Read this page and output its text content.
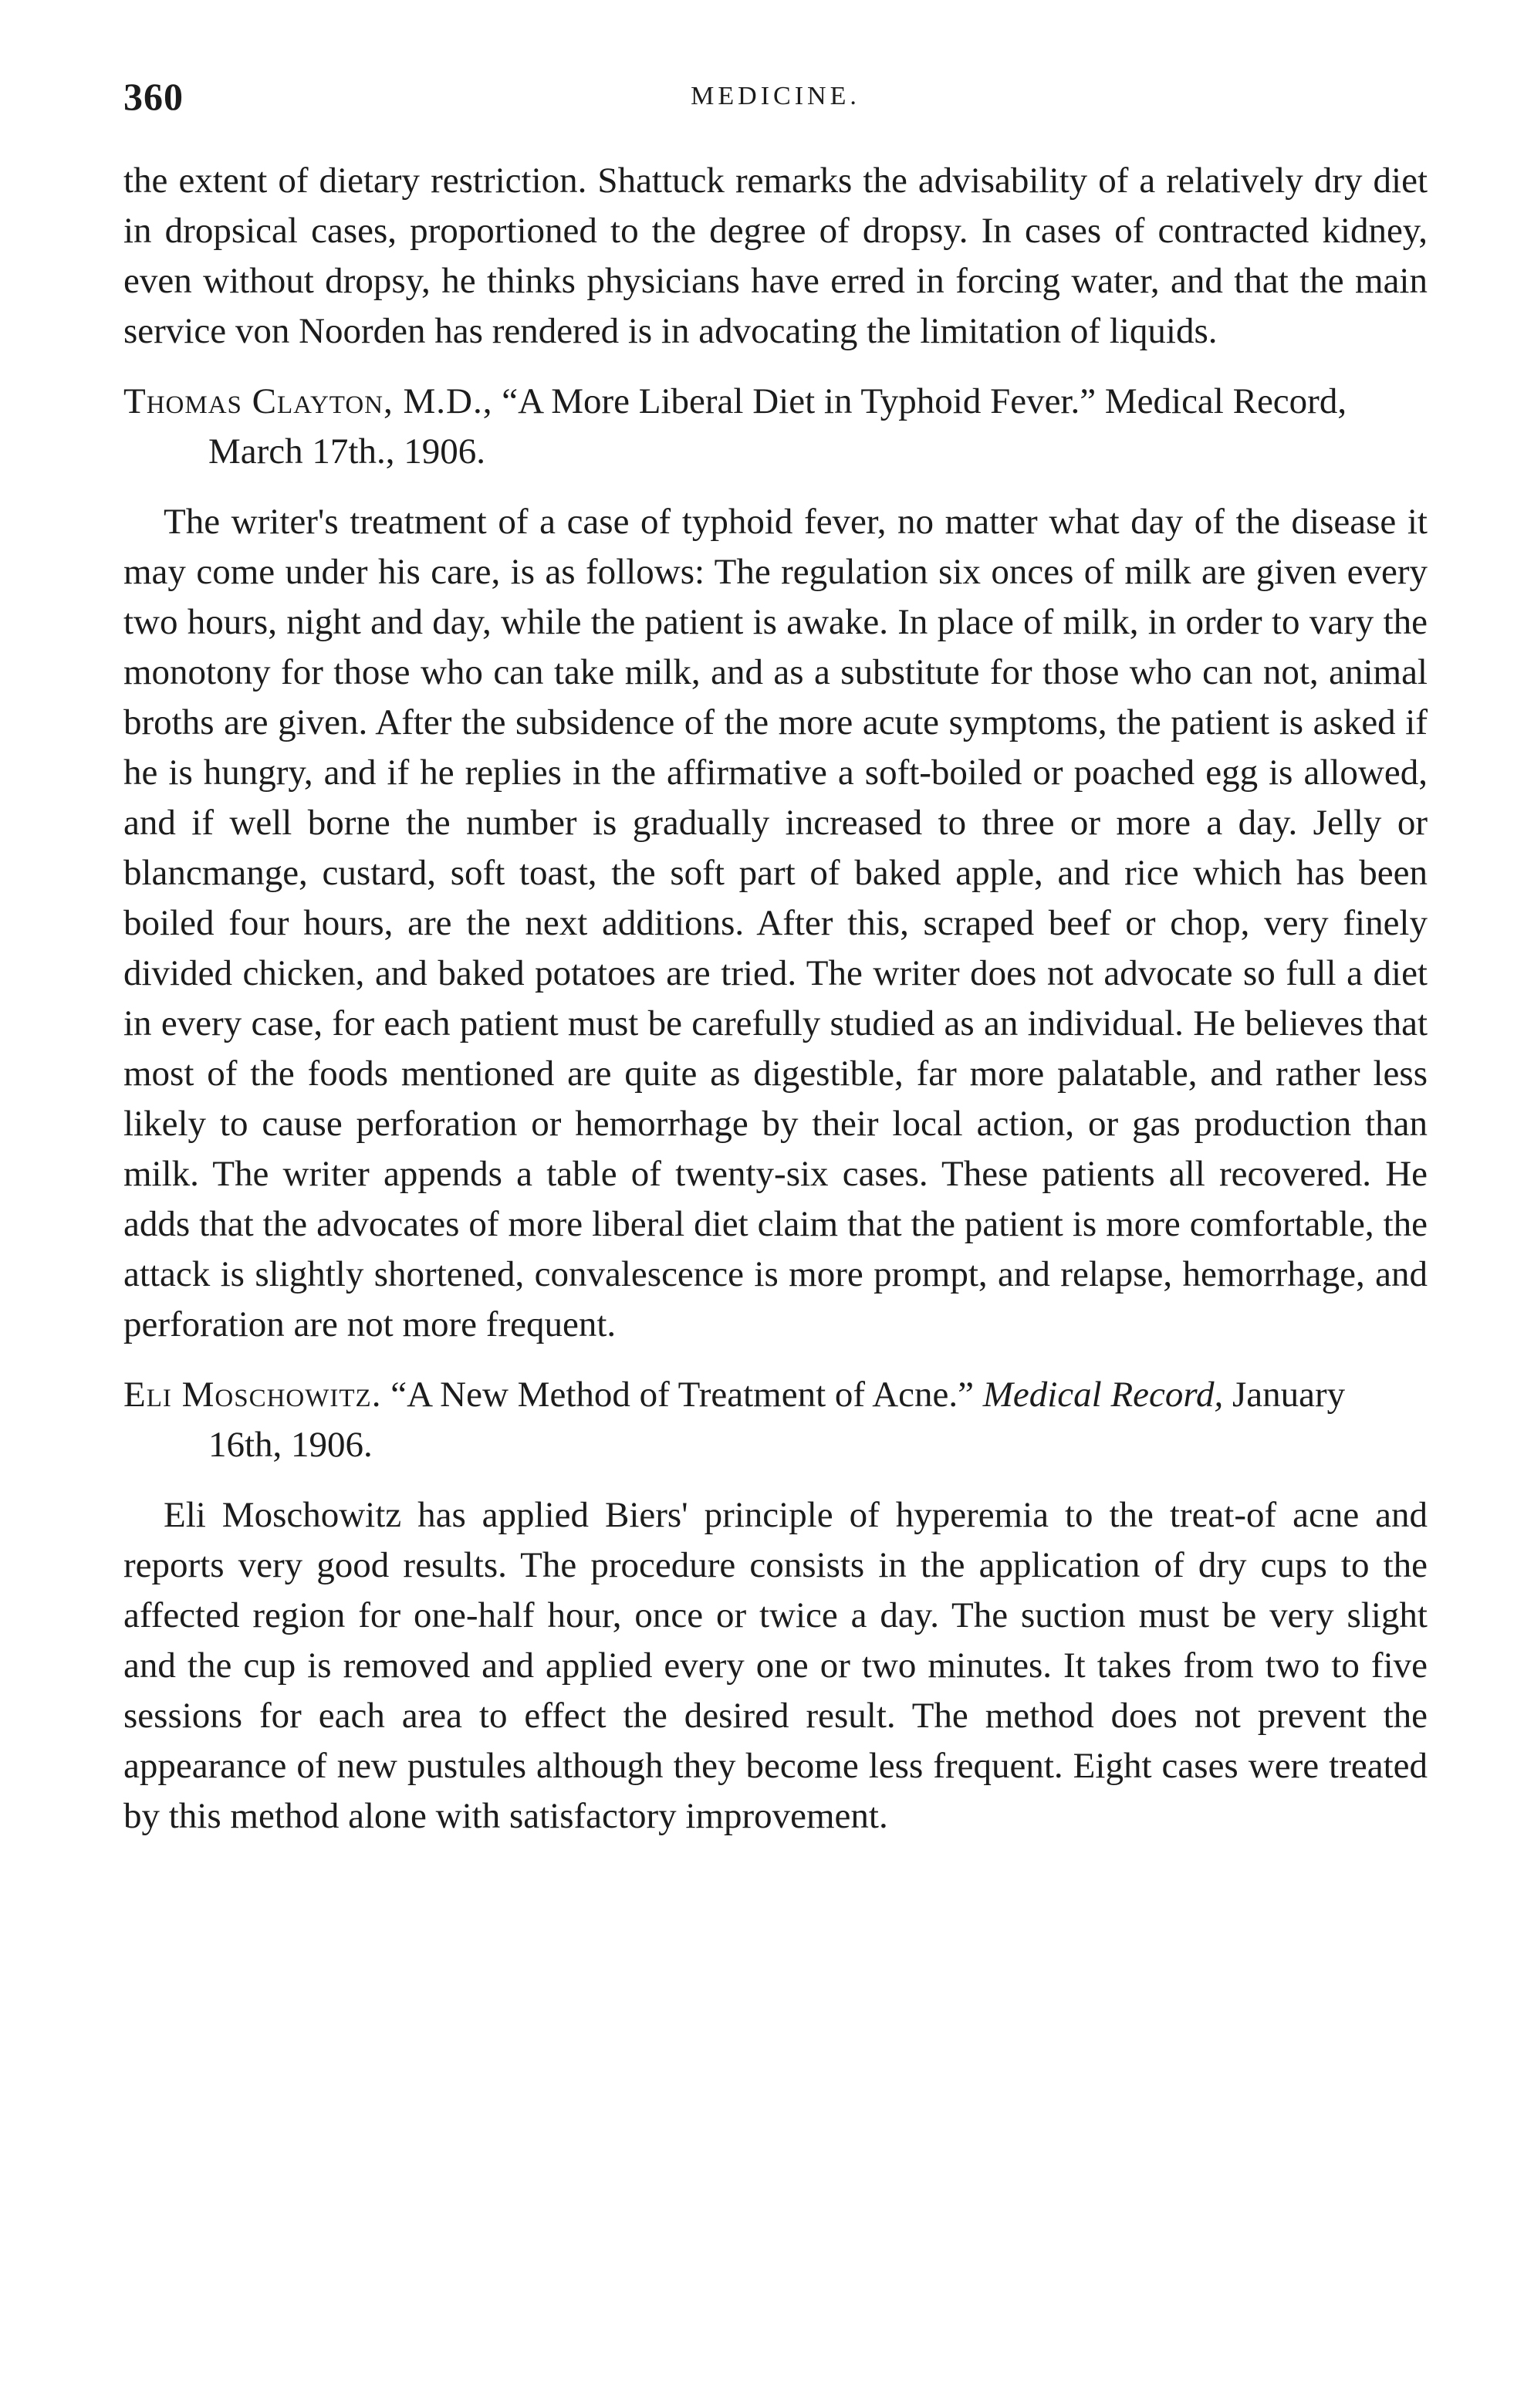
360	MEDICINE.

the extent of dietary restriction. Shattuck remarks the advisability of a relatively dry diet in dropsical cases, proportioned to the degree of dropsy. In cases of contracted kidney, even without dropsy, he thinks physicians have erred in forcing water, and that the main service von Noorden has rendered is in advocating the limitation of liquids.

Thomas Clayton, M.D., “A More Liberal Diet in Typhoid Fever.” Medical Record, March 17th., 1906.

The writer's treatment of a case of typhoid fever, no matter what day of the disease it may come under his care, is as follows: The regulation six onces of milk are given every two hours, night and day, while the patient is awake. In place of milk, in order to vary the monotony for those who can take milk, and as a substitute for those who can not, animal broths are given. After the subsidence of the more acute symptoms, the patient is asked if he is hungry, and if he replies in the affirmative a soft-boiled or poached egg is allowed, and if well borne the number is gradually increased to three or more a day. Jelly or blancmange, custard, soft toast, the soft part of baked apple, and rice which has been boiled four hours, are the next additions. After this, scraped beef or chop, very finely divided chicken, and baked potatoes are tried. The writer does not advocate so full a diet in every case, for each patient must be carefully studied as an individual. He believes that most of the foods mentioned are quite as digestible, far more palatable, and rather less likely to cause perforation or hemorrhage by their local action, or gas production than milk. The writer appends a table of twenty-six cases. These patients all recovered. He adds that the advocates of more liberal diet claim that the patient is more comfortable, the attack is slightly shortened, convalescence is more prompt, and relapse, hemorrhage, and perforation are not more frequent.

Eli Moschowitz. “A New Method of Treatment of Acne.” Medical Record, January 16th, 1906.

Eli Moschowitz has applied Biers' principle of hyperemia to the treat-of acne and reports very good results. The procedure consists in the application of dry cups to the affected region for one-half hour, once or twice a day. The suction must be very slight and the cup is removed and applied every one or two minutes. It takes from two to five sessions for each area to effect the desired result. The method does not prevent the appearance of new pustules although they become less frequent. Eight cases were treated by this method alone with satisfactory improvement.
